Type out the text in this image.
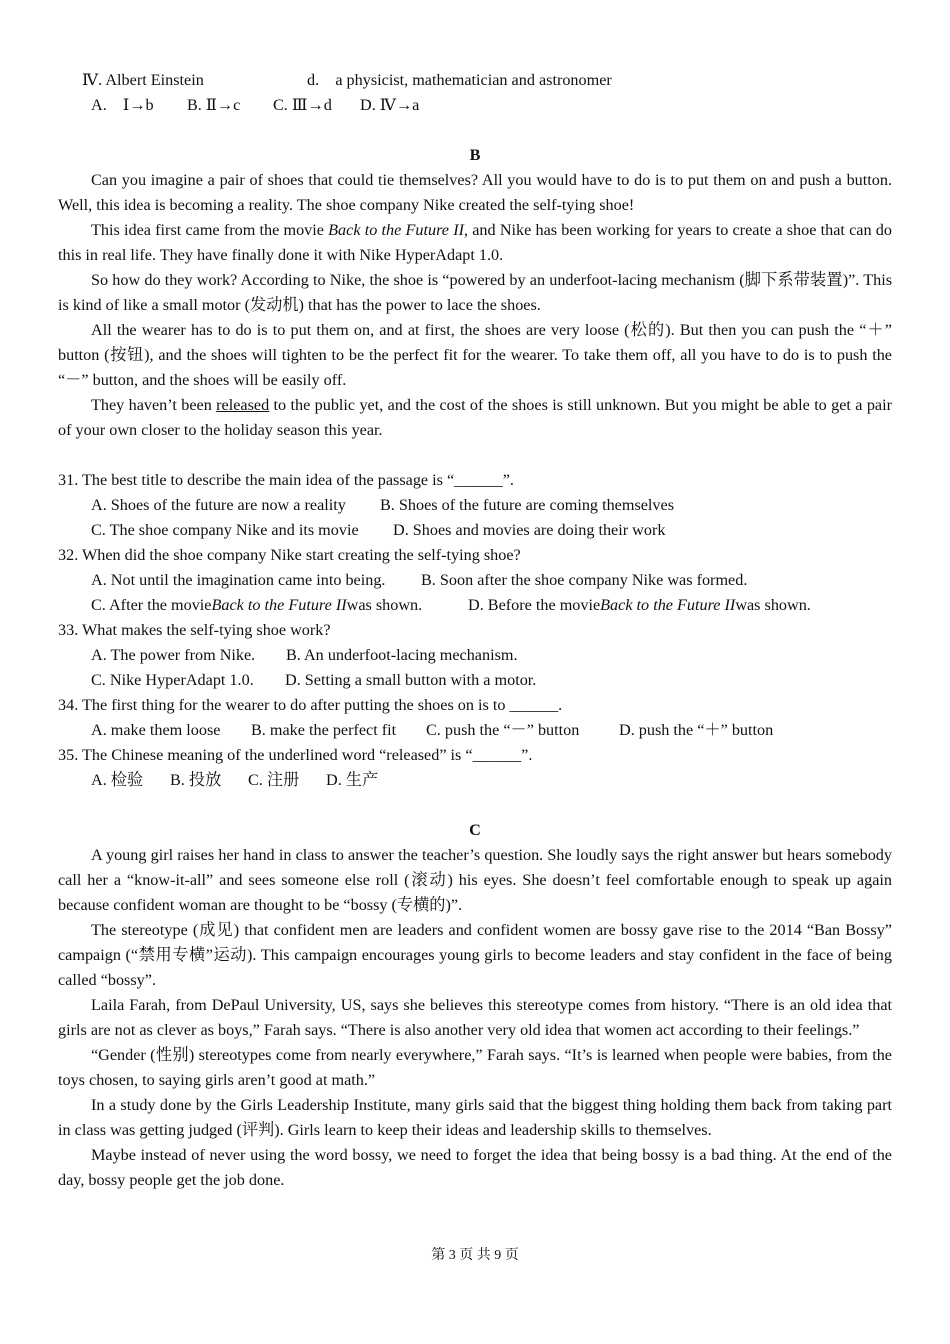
Ⅳ. Albert Einstein	d.　a physicist, mathematician and astronomer
A.　Ⅰ→b B. Ⅱ→c C. Ⅲ→d D. Ⅳ→a
B

Can you imagine a pair of shoes that could tie themselves? All you would have to do is to put them on and push a button. Well, this idea is becoming a reality. The shoe company Nike created the self-tying shoe!

This idea first came from the movie Back to the Future II, and Nike has been working for years to create a shoe that can do this in real life. They have finally done it with Nike HyperAdapt 1.0.

So how do they work? According to Nike, the shoe is “powered by an underfoot-lacing mechanism (脚下系带装置)”. This is kind of like a small motor (发动机) that has the power to lace the shoes.

All the wearer has to do is to put them on, and at first, the shoes are very loose (松的). But then you can push the “＋” button (按钮), and the shoes will tighten to be the perfect fit for the wearer. To take them off, all you have to do is to push the “－” button, and the shoes will be easily off.

They haven’t been released to the public yet, and the cost of the shoes is still unknown. But you might be able to get a pair of your own closer to the holiday season this year.

31. The best title to describe the main idea of the passage is “______”.
A. Shoes of the future are now a reality B. Shoes of the future are coming themselves
C. The shoe company Nike and its movie D. Shoes and movies are doing their work
32. When did the shoe company Nike start creating the self-tying shoe?
A. Not until the imagination came into being. B. Soon after the shoe company Nike was formed.
C. After the movieBack to the Future IIwas shown.	D. Before the movieBack to the Future IIwas shown.
33. What makes the self-tying shoe work?
A. The power from Nike. B. An underfoot-lacing mechanism.
C. Nike HyperAdapt 1.0. D. Setting a small button with a motor.
34. The first thing for the wearer to do after putting the shoes on is to ______.
A. make them loose B. make the perfect fit C. push the “－” button D. push the “＋” button
35. The Chinese meaning of the underlined word “released” is “______”.
A. 检验 B. 投放 C. 注册 D. 生产
C

A young girl raises her hand in class to answer the teacher’s question. She loudly says the right answer but hears somebody call her a “know-it-all” and sees someone else roll (滚动) his eyes. She doesn’t feel comfortable enough to speak up again because confident woman are thought to be “bossy (专横的)”.

The stereotype (成见) that confident men are leaders and confident women are bossy gave rise to the 2014 “Ban Bossy” campaign (“禁用专横”运动). This campaign encourages young girls to become leaders and stay confident in the face of being called “bossy”.

Laila Farah, from DePaul University, US, says she believes this stereotype comes from history. “There is an old idea that girls are not as clever as boys,” Farah says. “There is also another very old idea that women act according to their feelings.”

“Gender (性别) stereotypes come from nearly everywhere,” Farah says. “It’s is learned when people were babies, from the toys chosen, to saying girls aren’t good at math.”

In a study done by the Girls Leadership Institute, many girls said that the biggest thing holding them back from taking part in class was getting judged (评判). Girls learn to keep their ideas and leadership skills to themselves.

Maybe instead of never using the word bossy, we need to forget the idea that being bossy is a bad thing. At the end of the day, bossy people get the job done.

第 3 页 共 9 页
